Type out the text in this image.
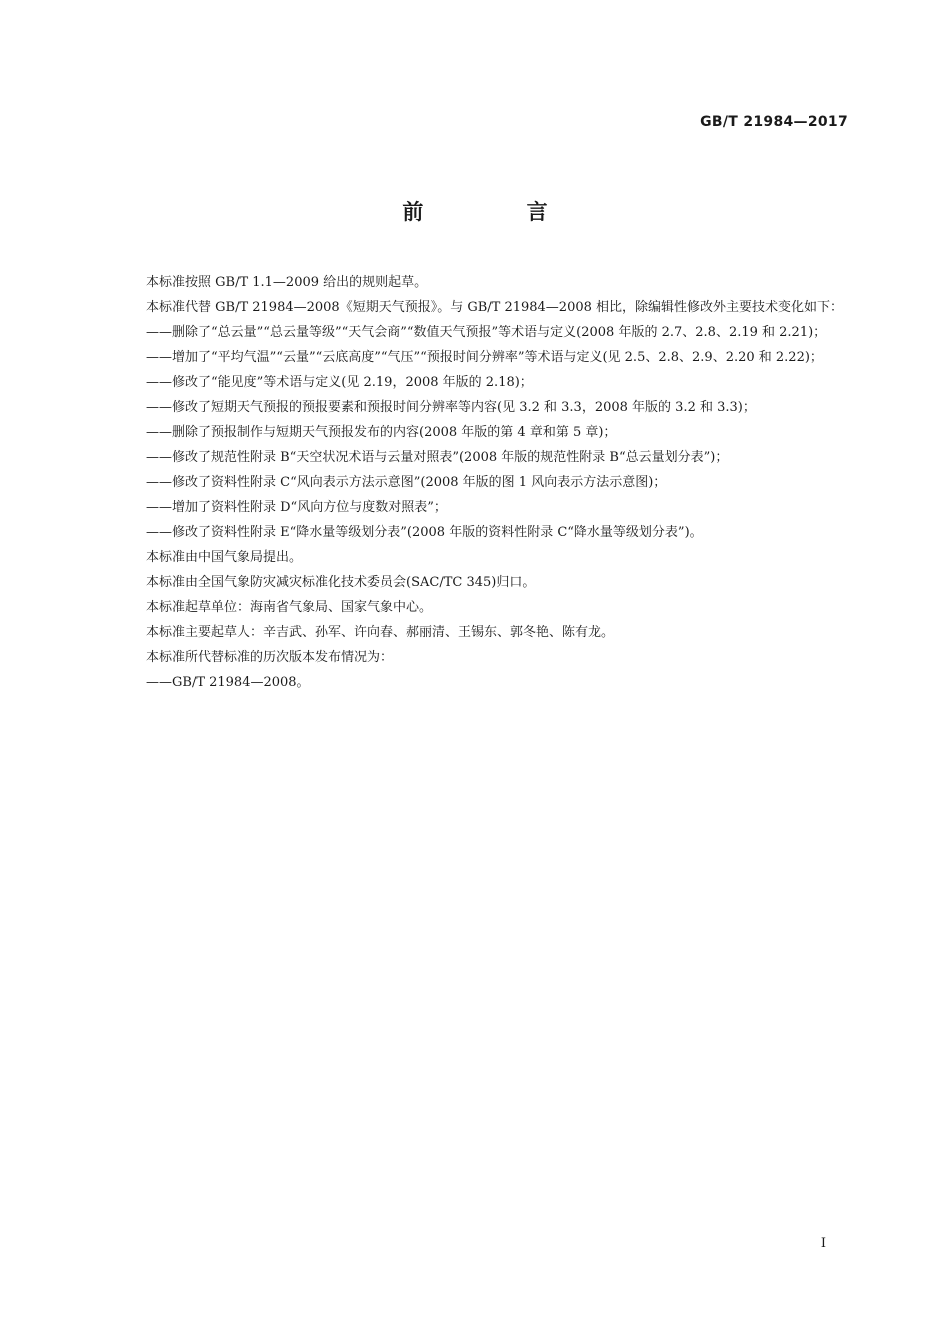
GB/T 21984—2017
前 言

本标准按照 GB/T 1.1—2009 给出的规则起草。

本标准代替 GB/T 21984—2008《短期天气预报》。与 GB/T 21984—2008 相比，除编辑性修改外主要技术变化如下：

——删除了“总云量”“总云量等级”“天气会商”“数值天气预报”等术语与定义(2008 年版的 2.7、2.8、2.19 和 2.21)；

——增加了“平均气温”“云量”“云底高度”“气压”“预报时间分辨率”等术语与定义(见 2.5、2.8、2.9、2.20 和 2.22)；

——修改了“能见度”等术语与定义(见 2.19，2008 年版的 2.18)；

——修改了短期天气预报的预报要素和预报时间分辨率等内容(见 3.2 和 3.3，2008 年版的 3.2 和 3.3)；

——删除了预报制作与短期天气预报发布的内容(2008 年版的第 4 章和第 5 章)；

——修改了规范性附录 B“天空状况术语与云量对照表”(2008 年版的规范性附录 B“总云量划分表”)；

——修改了资料性附录 C“风向表示方法示意图”(2008 年版的图 1 风向表示方法示意图)；

——增加了资料性附录 D“风向方位与度数对照表”；

——修改了资料性附录 E“降水量等级划分表”(2008 年版的资料性附录 C“降水量等级划分表”)。

本标准由中国气象局提出。

本标准由全国气象防灾减灾标准化技术委员会(SAC/TC 345)归口。

本标准起草单位：海南省气象局、国家气象中心。

本标准主要起草人：辛吉武、孙军、许向春、郝丽清、王锡东、郭冬艳、陈有龙。

本标准所代替标准的历次版本发布情况为：

——GB/T 21984—2008。

I
